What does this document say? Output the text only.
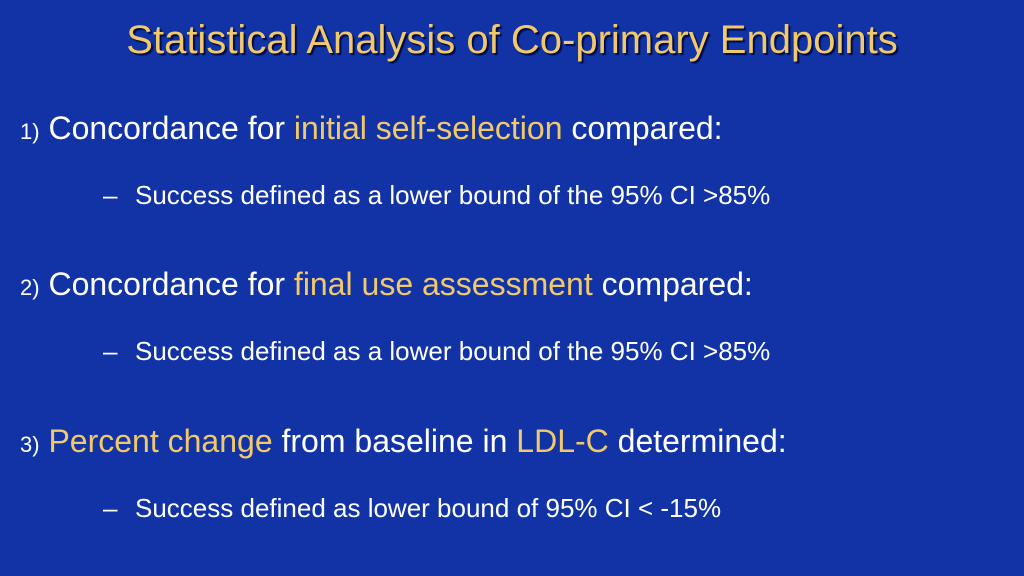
Statistical Analysis of Co-primary Endpoints
1) Concordance for initial self-selection compared:
– Success defined as a lower bound of the 95% CI >85%
2) Concordance for final use assessment compared:
– Success defined as a lower bound of the 95% CI >85%
3) Percent change from baseline in LDL-C determined:
– Success defined as lower bound of 95% CI < -15%
